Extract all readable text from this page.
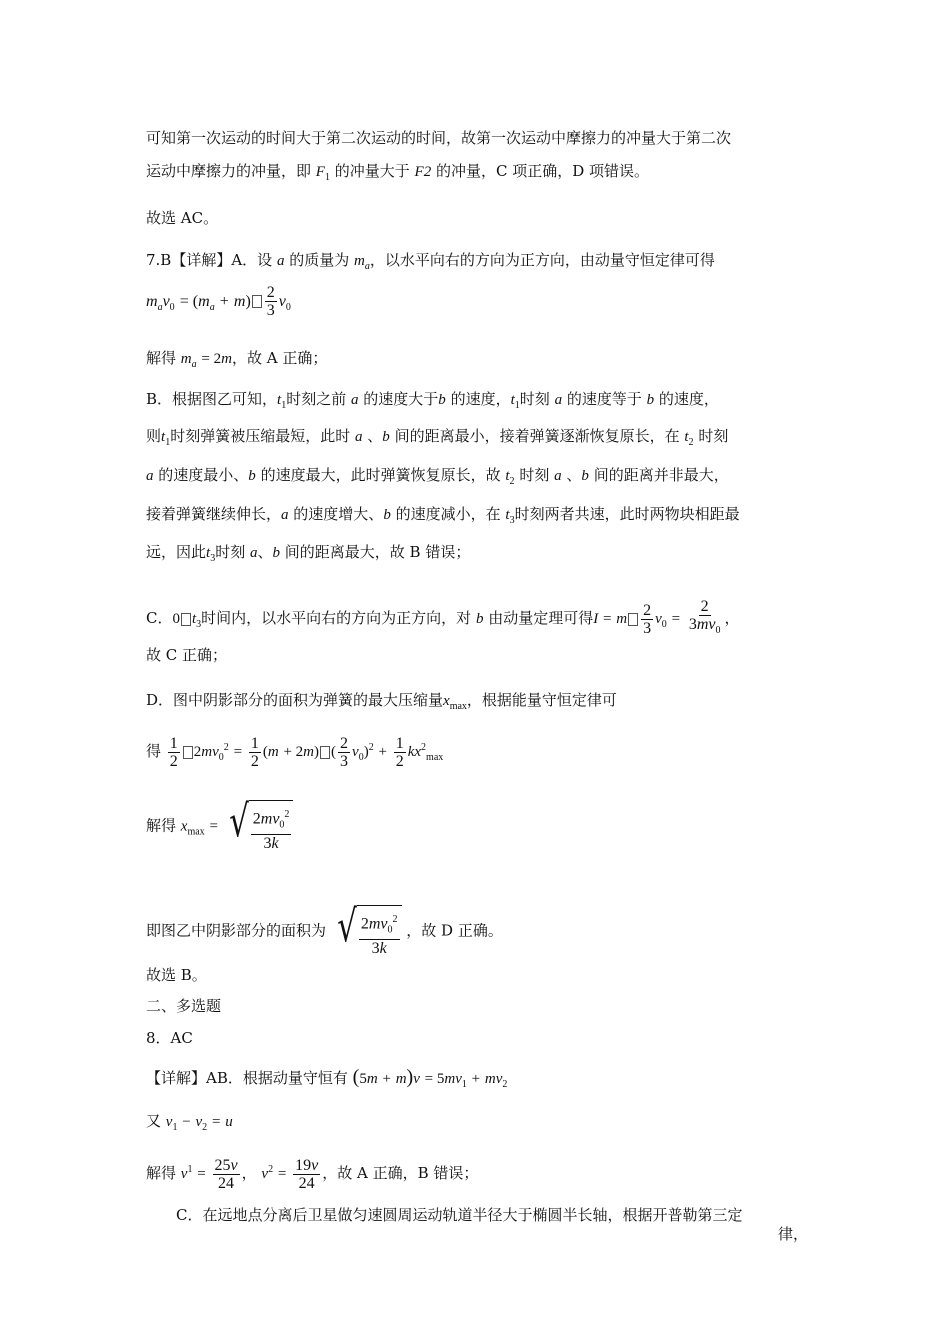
可知第一次运动的时间大于第二次运动的时间，故第一次运动中摩擦力的冲量大于第二次
运动中摩擦力的冲量，即 $F_1$ 的冲量大于 F2 的冲量，C 项正确，D 项错误。
故选 AC。
7.B【详解】A．设 a 的质量为 $m_a$，以水平向右的方向为正方向，由动量守恒定律可得
$m_av_0 = (m_a + m) \frac{2}{3} v_0$
解得 $m_a = 2m$，故 A 正确；
B．根据图乙可知，$t_1$时刻之前 a 的速度大于b 的速度，$t_1$时刻 a 的速度等于 b 的速度，
则$t_1$时刻弹簧被压缩最短，此时 a 、b 间的距离最小，接着弹簧逐渐恢复原长，在 $t_2$ 时刻
a 的速度最小、b 的速度最大，此时弹簧恢复原长，故 $t_2$ 时刻 a 、b 间的距离并非最大，
接着弹簧继续伸长，a 的速度增大、b 的速度减小，在 $t_3$时刻两者共速，此时两物块相距最
远，因此$t_3$时刻 a、b 间的距离最大，故 B 错误；
C．0 $t_3$时间内，以水平向右的方向为正方向，对 b 由动量定理可得I = m $\frac{2}{3} v_0 = \frac{2}{3mv_0}$ ，
故 C 正确；
D．图中阴影部分的面积为弹簧的最大压缩量$x_{max}$，根据能量守恒定律可
得 $\frac{1}{2} 2mv_0^2 = \frac{1}{2} (m + 2m)$ ( $\frac{2}{3} v_0)^2 + \frac{1}{2} kx^2_{max}$
解得 $x_{max}$ = √ $\frac{2mv_0^2}{3k}$
即图乙中阴影部分的面积为 √ $\frac{2mv_0^2}{3k}$ ，故 D 正确。
故选 B。
二、多选题
8．AC
【详解】AB．根据动量守恒有 $(5m + m)v = 5mv_1 + mv_2$
又 $v_1 - v_2 = u$
解得 $v^1 = \frac{25v}{24}$ ， $v^2 = \frac{19v}{24}$ ，故 A 正确，B 错误；
C．在远地点分离后卫星做匀速圆周运动轨道半径大于椭圆半长轴，根据开普勒第三定
律，
